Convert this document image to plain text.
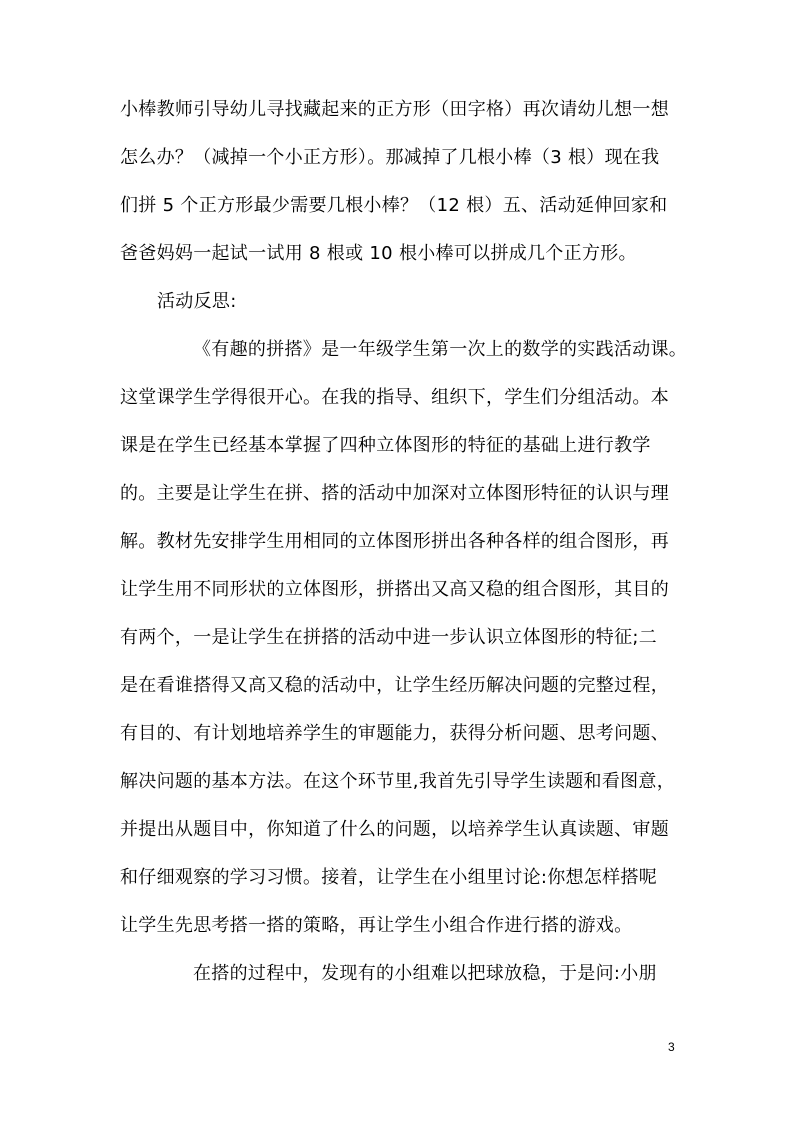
小棒教师引导幼儿寻找藏起来的正方形（田字格）再次请幼儿想一想
怎么办？（减掉一个小正方形）。那减掉了几根小棒（3 根）现在我
们拼 5 个正方形最少需要几根小棒？（12 根）五、活动延伸回家和
爸爸妈妈一起试一试用 8 根或 10 根小棒可以拼成几个正方形。
活动反思:
《有趣的拼搭》是一年级学生第一次上的数学的实践活动课。
这堂课学生学得很开心。在我的指导、组织下，学生们分组活动。本
课是在学生已经基本掌握了四种立体图形的特征的基础上进行教学
的。主要是让学生在拼、搭的活动中加深对立体图形特征的认识与理
解。教材先安排学生用相同的立体图形拼出各种各样的组合图形，再
让学生用不同形状的立体图形，拼搭出又高又稳的组合图形，其目的
有两个，一是让学生在拼搭的活动中进一步认识立体图形的特征;二
是在看谁搭得又高又稳的活动中，让学生经历解决问题的完整过程，
有目的、有计划地培养学生的审题能力，获得分析问题、思考问题、
解决问题的基本方法。在这个环节里,我首先引导学生读题和看图意，
并提出从题目中，你知道了什么的问题，以培养学生认真读题、审题
和仔细观察的学习习惯。接着，让学生在小组里讨论:你想怎样搭呢
让学生先思考搭一搭的策略，再让学生小组合作进行搭的游戏。
在搭的过程中，发现有的小组难以把球放稳，于是问:小朋
3
